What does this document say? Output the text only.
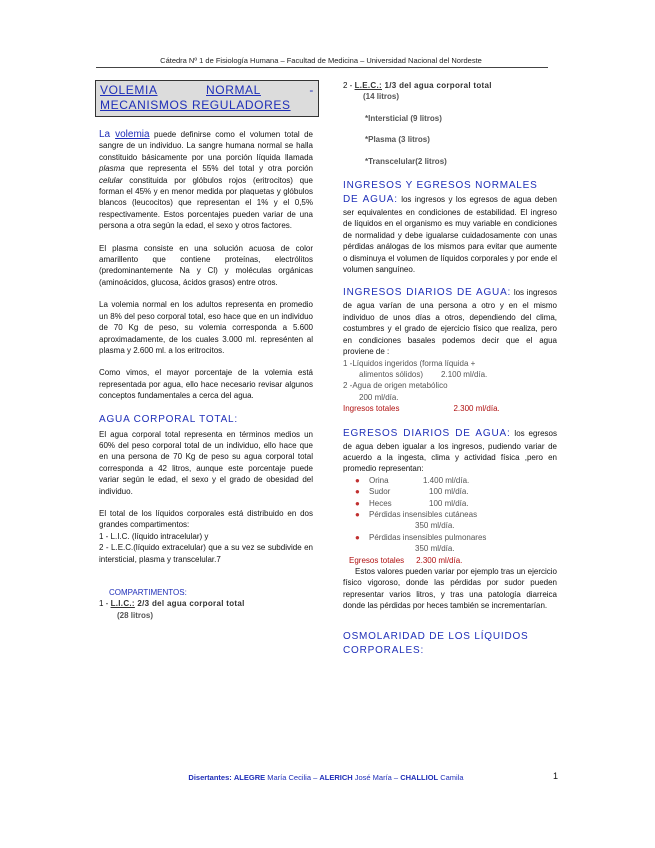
Cátedra Nº 1 de Fisiología Humana – Facultad de Medicina – Universidad Nacional del Nordeste
VOLEMIA	NORMAL	-
MECANISMOS REGULADORES

La volemia puede definirse como el volumen total de sangre de un individuo. La sangre humana normal se halla constituido básicamente por una porción líquida llamada plasma que representa el 55% del total y otra porción celular constituida por glóbulos rojos (eritrocitos) que forman el 45% y en menor medida por plaquetas y glóbulos blancos (leucocitos) que representan el 1% y el 0,5% respectivamente. Estos porcentajes pueden variar de una persona a otra según la edad, el sexo y otros factores.

El plasma consiste en una solución acuosa de color amarillento que contiene proteínas, electrólitos (predominantemente Na y Cl) y moléculas orgánicas (aminoácidos, glucosa, ácidos grasos) entre otros.

La volemia normal en los adultos representa en promedio un 8% del peso corporal total, eso hace que en un individuo de 70 Kg de peso, su volemia corresponda a 5.600 aproximadamente, de los cuales 3.000 ml. represénten al plasma y 2.600 ml. a los eritrocitos.

Como vimos, el mayor porcentaje de la volemia está representada por agua, ello hace necesario revisar algunos conceptos fundamentales a cerca del agua.

AGUA CORPORAL TOTAL:

El agua corporal total representa en términos medios un 60% del peso corporal total de un individuo, ello hace que en una persona de 70 Kg de peso su agua corporal total corresponda a 42 litros, aunque este porcentaje puede variar según le edad, el sexo y el grado de obesidad del individuo.

El total de los líquidos corporales está distribuido en dos grandes compartimentos:
1 - L.I.C. (líquido intracelular) y
2 - L.E.C.(líquido extracelular) que a su vez se subdivide en intersticial, plasma y transcelular.7
COMPARTIMENTOS:
1 - L.I.C.: 2/3 del agua corporal total
(28 litros)
2 - L.E.C.: 1/3 del agua corporal total
(14 litros)
*Intersticial (9 litros)
*Plasma (3 litros)
*Transcelular(2 litros)
INGRESOS Y EGRESOS NORMALES
DE AGUA: los ingresos y los egresos de agua deben ser equivalentes en condiciones de estabilidad. El ingreso de líquidos en el organismo es muy variable en condiciones de normalidad y debe igualarse cuidadosamente con unas pérdidas análogas de los mismos para evitar que aumente o disminuya el volumen de líquidos corporales y por ende el volumen sanguíneo.
INGRESOS DIARIOS DE AGUA: los ingresos de agua varían de una persona a otro y en el mismo individuo de unos días a otros, dependiendo del clima, costumbres y el grado de ejercicio físico que realiza, pero en condiciones basales podemos decir que el agua proviene de :
1 -Líquidos ingeridos (forma líquida +
alimentos sólidos) 2.100 ml/día.
2 -Agua de origen metabólico
200 ml/día.
Ingresos totales	2.300 ml/día.
EGRESOS DIARIOS DE AGUA: los egresos de agua deben igualar a los ingresos, pudiendo variar de acuerdo a la ingesta, clima y actividad física ,pero en promedio representan:
●	Orina	1.400 ml/día.
●	Sudor	100 ml/día.
●	Heces	100 ml/día.
●	Pérdidas insensibles cutáneas
350 ml/día.
●	Pérdidas insensibles pulmonares
350 ml/día.
Egresos totales 2.300 ml/día.

Estos valores pueden variar por ejemplo tras un ejercicio físico vigoroso, donde las pérdidas por sudor pueden representar varios litros, y tras una patología diarreica donde las pérdidas por heces también se incrementarían.

OSMOLARIDAD DE LOS LÍQUIDOS
CORPORALES:
Disertantes: ALEGRE María Cecilia – ALERICH José María – CHALLIOL Camila	1
